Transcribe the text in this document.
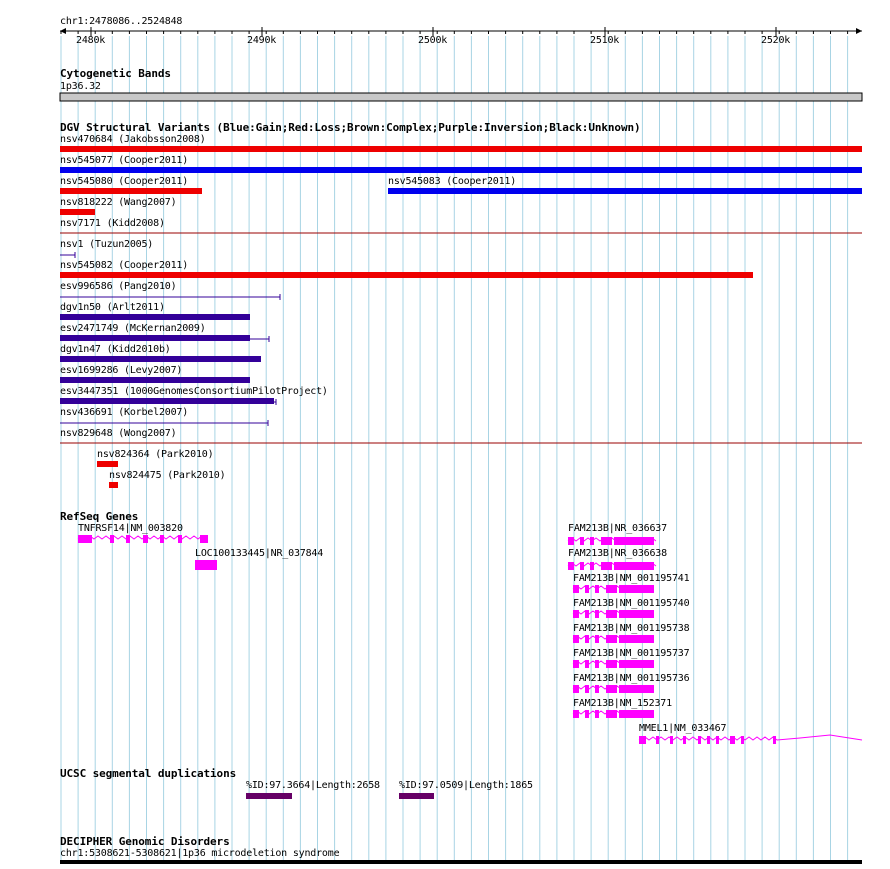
chr1:2478086..2524848
2480k	2490k	2500k	2510k	2520k
Cytogenetic Bands
1p36.32
DGV Structural Variants (Blue:Gain;Red:Loss;Brown:Complex;Purple:Inversion;Black:Unknown)
nsv470684 (Jakobsson2008)
nsv545077 (Cooper2011)
nsv545080 (Cooper2011)	nsv545083 (Cooper2011)
nsv818222 (Wang2007)
nsv7171 (Kidd2008)
nsv1 (Tuzun2005)
nsv545082 (Cooper2011)
esv996586 (Pang2010)
dgv1n50 (Arlt2011)
esv2471749 (McKernan2009)
dgv1n47 (Kidd2010b)
esv1699286 (Levy2007)
esv3447351 (1000GenomesConsortiumPilotProject)
nsv436691 (Korbel2007)
nsv829648 (Wong2007)
nsv824364 (Park2010)
nsv824475 (Park2010)
RefSeq Genes
TNFRSF14|NM_003820
LOC100133445|NR_037844
FAM213B|NR_036637
FAM213B|NR_036638
FAM213B|NM_001195741
FAM213B|NM_001195740
FAM213B|NM_001195738
FAM213B|NM_001195737
FAM213B|NM_001195736
FAM213B|NM_152371
MMEL1|NM_033467
UCSC segmental duplications
%ID:97.3664|Length:2658 %ID:97.0509|Length:1865
DECIPHER Genomic Disorders
chr1:5308621-5308621|1p36 microdeletion syndrome
